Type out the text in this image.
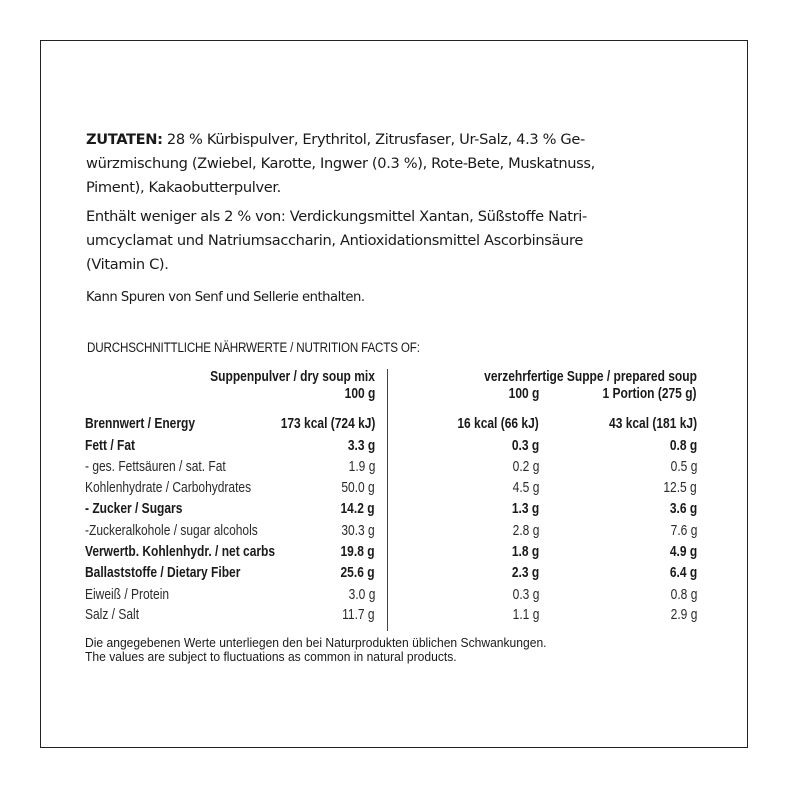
ZUTATEN: 28 % Kürbispulver, Erythritol, Zitrusfaser, Ur-Salz, 4.3 % Ge-
würzmischung (Zwiebel, Karotte, Ingwer (0.3 %), Rote-Bete, Muskatnuss,
Piment), Kakaobutterpulver.

Enthält weniger als 2 % von: Verdickungsmittel Xantan, Süßstoffe Natri-
umcyclamat und Natriumsaccharin, Antioxidationsmittel Ascorbinsäure
(Vitamin C).

Kann Spuren von Senf und Sellerie enthalten.

DURCHSCHNITTLICHE NÄHRWERTE / NUTRITION FACTS OF:
Suppenpulver / dry soup mix
100 g
verzehrfertige Suppe / prepared soup
100 g	1 Portion (275 g)
Brennwert / Energy	173 kcal (724 kJ)	16 kcal (66 kJ)	43 kcal (181 kJ)
Fett / Fat	3.3 g	0.3 g	0.8 g
- ges. Fettsäuren / sat. Fat	1.9 g	0.2 g	0.5 g
Kohlenhydrate / Carbohydrates	50.0 g	4.5 g	12.5 g
- Zucker / Sugars	14.2 g	1.3 g	3.6 g
-Zuckeralkohole / sugar alcohols	30.3 g	2.8 g	7.6 g
Verwertb. Kohlenhydr. / net carbs	19.8 g	1.8 g	4.9 g
Ballaststoffe / Dietary Fiber	25.6 g	2.3 g	6.4 g
Eiweiß / Protein	3.0 g	0.3 g	0.8 g
Salz / Salt	11.7 g	1.1 g	2.9 g
Die angegebenen Werte unterliegen den bei Naturprodukten üblichen Schwankungen.
The values are subject to fluctuations as common in natural products.
